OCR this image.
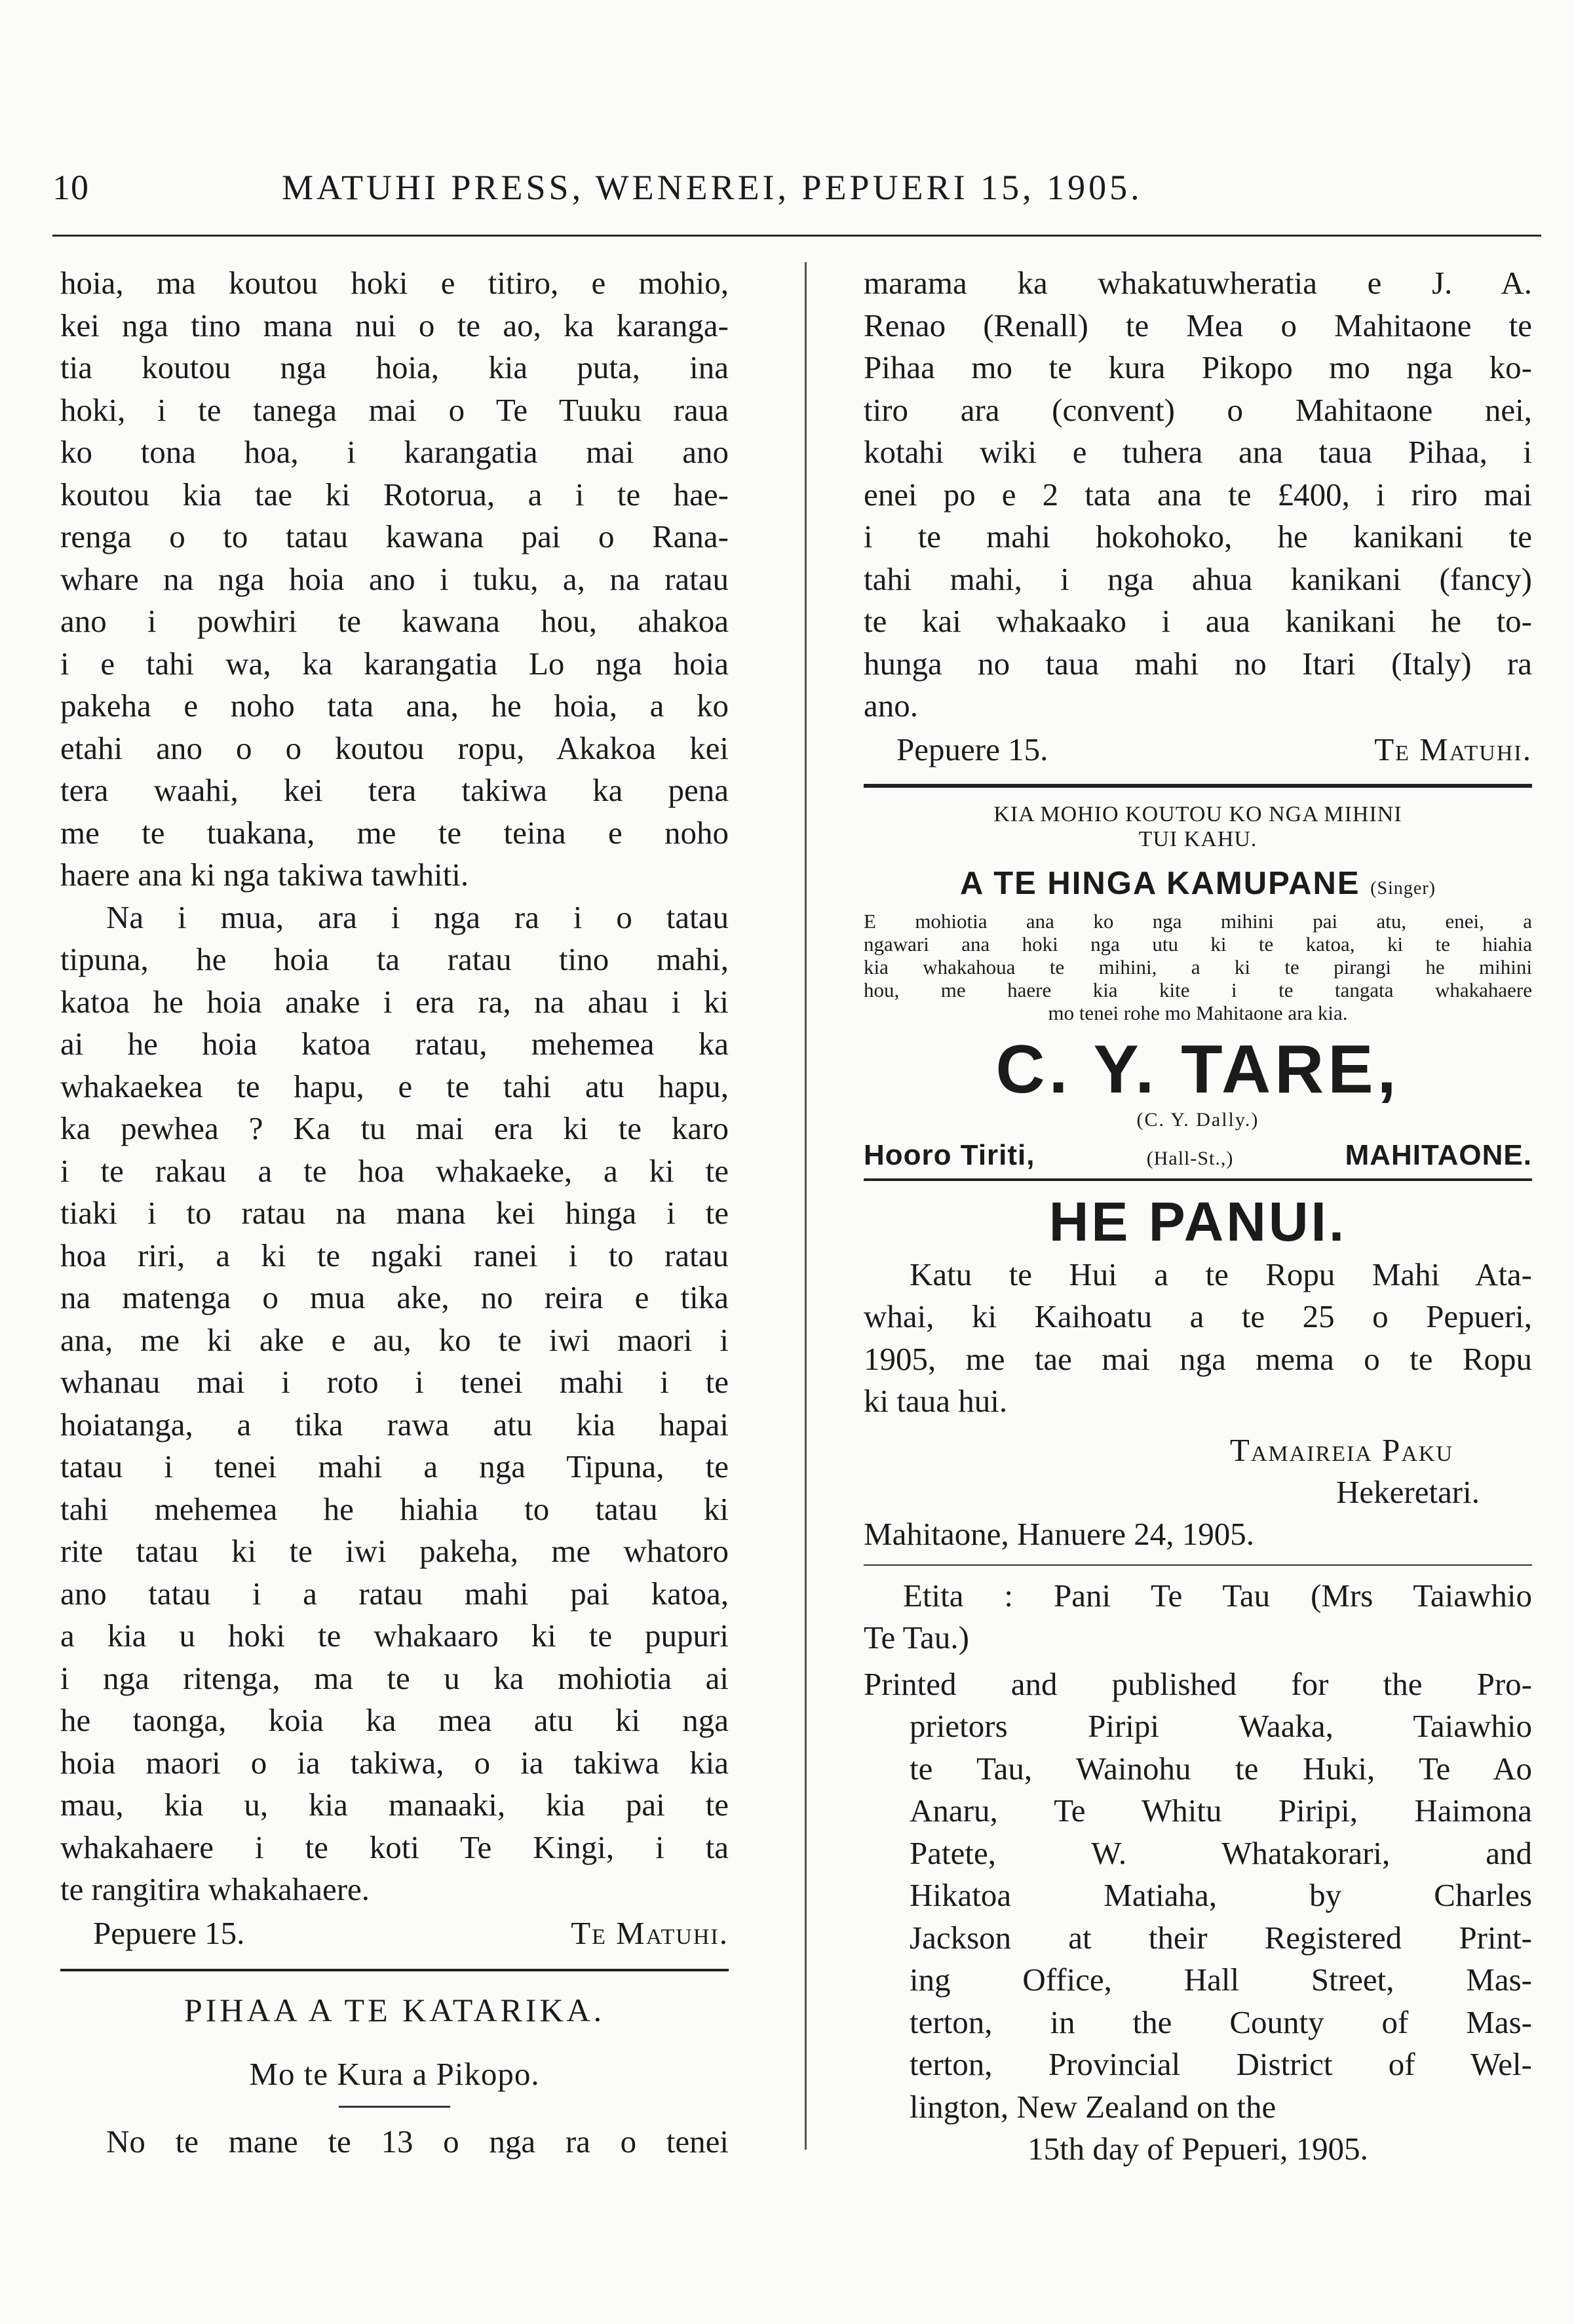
10	MATUHI PRESS, WENEREI, PEPUERI 15, 1905.
hoia, ma koutou hoki e titiro, e mohio,
kei nga tino mana nui o te ao, ka karanga-
tia koutou nga hoia, kia puta, ina
hoki, i te tanega mai o Te Tuuku raua
ko tona hoa, i karangatia mai ano
koutou kia tae ki Rotorua, a i te hae-
renga o to tatau kawana pai o Rana-
whare na nga hoia ano i tuku, a, na ratau
ano i powhiri te kawana hou, ahakoa
i e tahi wa, ka karangatia Lo nga hoia
pakeha e noho tata ana, he hoia, a ko
etahi ano o o koutou ropu, Akakoa kei
tera waahi, kei tera takiwa ka pena
me te tuakana, me te teina e noho
haere ana ki nga takiwa tawhiti.
Na i mua, ara i nga ra i o tatau
tipuna, he hoia ta ratau tino mahi,
katoa he hoia anake i era ra, na ahau i ki
ai he hoia katoa ratau, mehemea ka
whakaekea te hapu, e te tahi atu hapu,
ka pewhea ? Ka tu mai era ki te karo
i te rakau a te hoa whakaeke, a ki te
tiaki i to ratau na mana kei hinga i te
hoa riri, a ki te ngaki ranei i to ratau
na matenga o mua ake, no reira e tika
ana, me ki ake e au, ko te iwi maori i
whanau mai i roto i tenei mahi i te
hoiatanga, a tika rawa atu kia hapai
tatau i tenei mahi a nga Tipuna, te
tahi mehemea he hiahia to tatau ki
rite tatau ki te iwi pakeha, me whatoro
ano tatau i a ratau mahi pai katoa,
a kia u hoki te whakaaro ki te pupuri
i nga ritenga, ma te u ka mohiotia ai
he taonga, koia ka mea atu ki nga
hoia maori o ia takiwa, o ia takiwa kia
mau, kia u, kia manaaki, kia pai te
whakahaere i te koti Te Kingi, i ta
te rangitira whakahaere.
Pepuere 15.	Te Matuhi.
PIHAA A TE KATARIKA.
Mo te Kura a Pikopo.
No te mane te 13 o nga ra o tenei
marama ka whakatuwheratia e J. A.
Renao (Renall) te Mea o Mahitaone te
Pihaa mo te kura Pikopo mo nga ko-
tiro ara (convent) o Mahitaone nei,
kotahi wiki e tuhera ana taua Pihaa, i
enei po e 2 tata ana te £400, i riro mai
i te mahi hokohoko, he kanikani te
tahi mahi, i nga ahua kanikani (fancy)
te kai whakaako i aua kanikani he to-
hunga no taua mahi no Itari (Italy) ra
ano.
Pepuere 15.	Te Matuhi.
KIA MOHIO KOUTOU KO NGA MIHINI
TUI KAHU.
A TE HINGA KAMUPANE (Singer)
E mohiotia ana ko nga mihini pai atu, enei, a
ngawari ana hoki nga utu ki te katoa, ki te hiahia
kia whakahoua te mihini, a ki te pirangi he mihini
hou, me haere kia kite i te tangata whakahaere
mo tenei rohe mo Mahitaone ara kia.
C. Y. TARE,
(C. Y. Dally.)
Hooro Tiriti,	(Hall-St.,)	MAHITAONE.
HE PANUI.
Katu te Hui a te Ropu Mahi Ata-
whai, ki Kaihoatu a te 25 o Pepueri,
1905, me tae mai nga mema o te Ropu
ki taua hui.
Tamaireia Paku
Hekeretari.
Mahitaone, Hanuere 24, 1905.
Etita : Pani Te Tau (Mrs Taiawhio
Te Tau.)
Printed and published for the Pro-
prietors Piripi Waaka, Taiawhio
te Tau, Wainohu te Huki, Te Ao
Anaru, Te Whitu Piripi, Haimona
Patete, W. Whatakorari, and
Hikatoa Matiaha, by Charles
Jackson at their Registered Print-
ing Office, Hall Street, Mas-
terton, in the County of Mas-
terton, Provincial District of Wel-
lington, New Zealand on the
15th day of Pepueri, 1905.
